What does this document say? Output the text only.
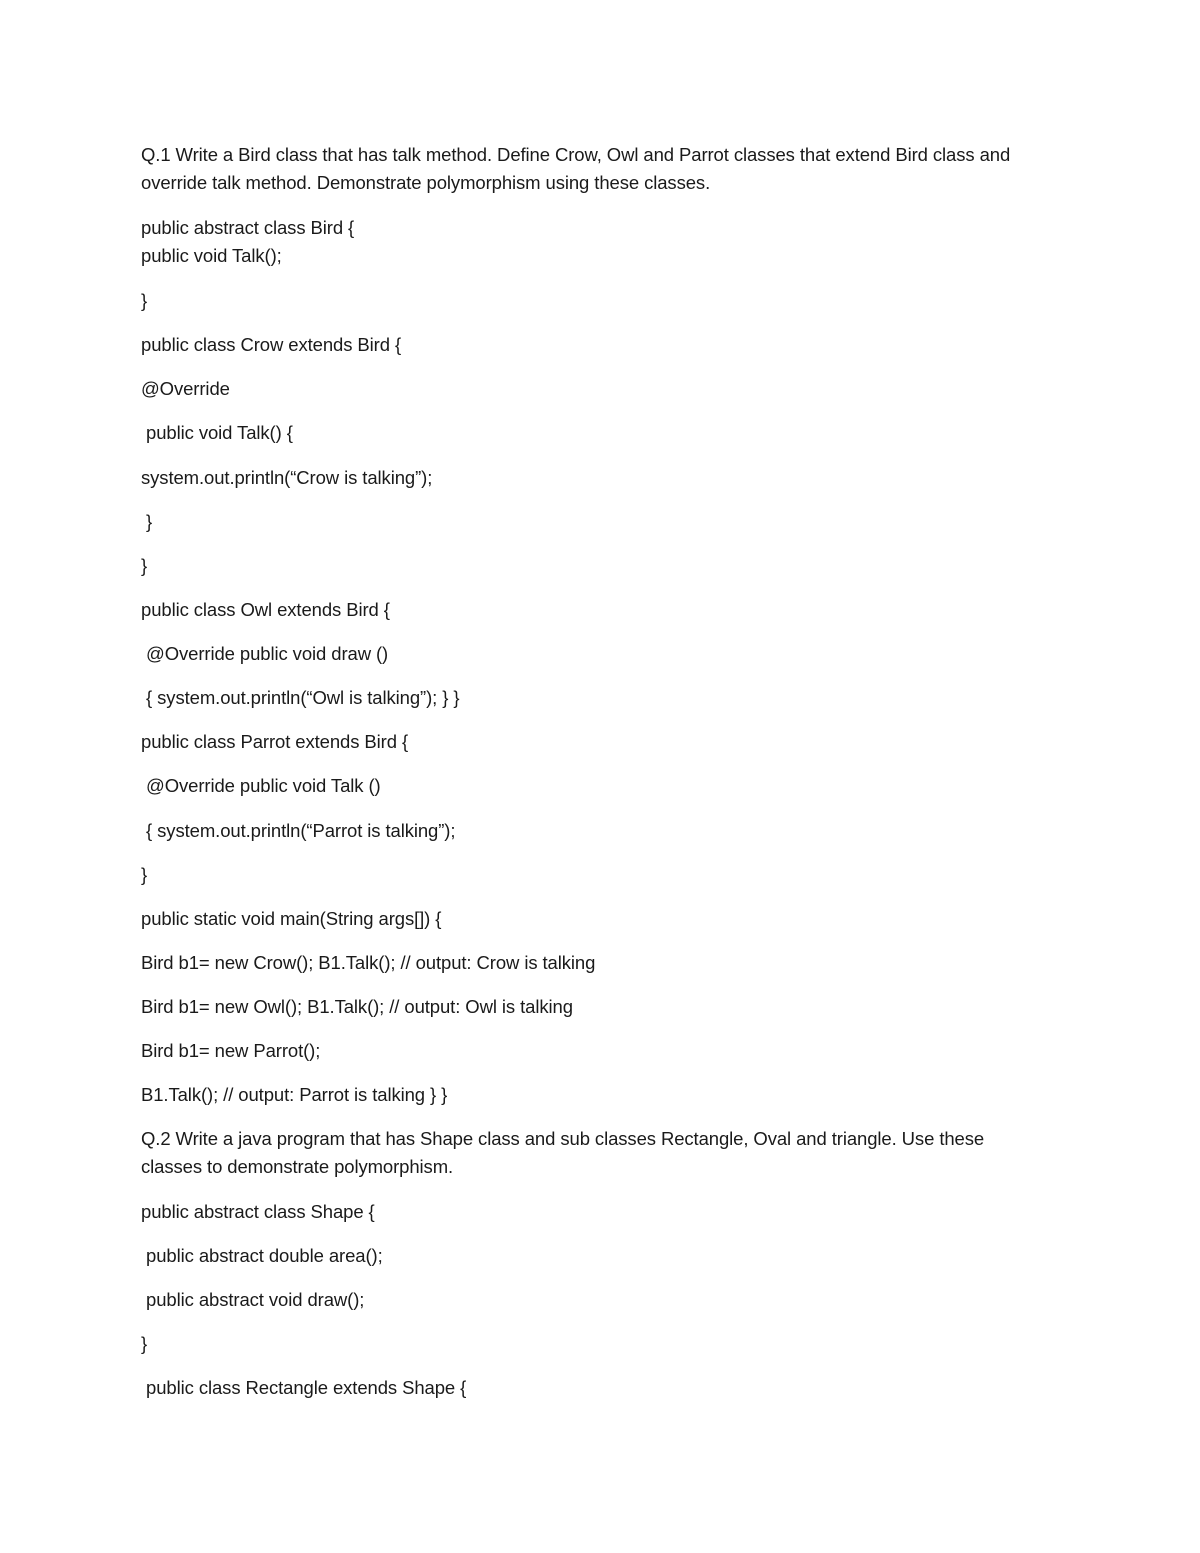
Q.1 Write a Bird class that has talk method. Define Crow, Owl and Parrot classes that extend Bird class and override talk method. Demonstrate polymorphism using these classes.

public abstract class Bird {

public void Talk();

}

public class Crow extends Bird {

@Override

public void Talk() {

system.out.println(“Crow is talking”);

}

}

public class Owl extends Bird {

@Override public void draw ()

{ system.out.println(“Owl is talking”); } }

public class Parrot extends Bird {

@Override public void Talk ()

{ system.out.println(“Parrot is talking”);

}

public static void main(String args[]) {

Bird b1= new Crow(); B1.Talk(); // output: Crow is talking

Bird b1= new Owl(); B1.Talk(); // output: Owl is talking

Bird b1= new Parrot();

B1.Talk(); // output: Parrot is talking } }

Q.2 Write a java program that has Shape class and sub classes Rectangle, Oval and triangle. Use these classes to demonstrate polymorphism.

public abstract class Shape {

public abstract double area();

public abstract void draw();

}

public class Rectangle extends Shape {
